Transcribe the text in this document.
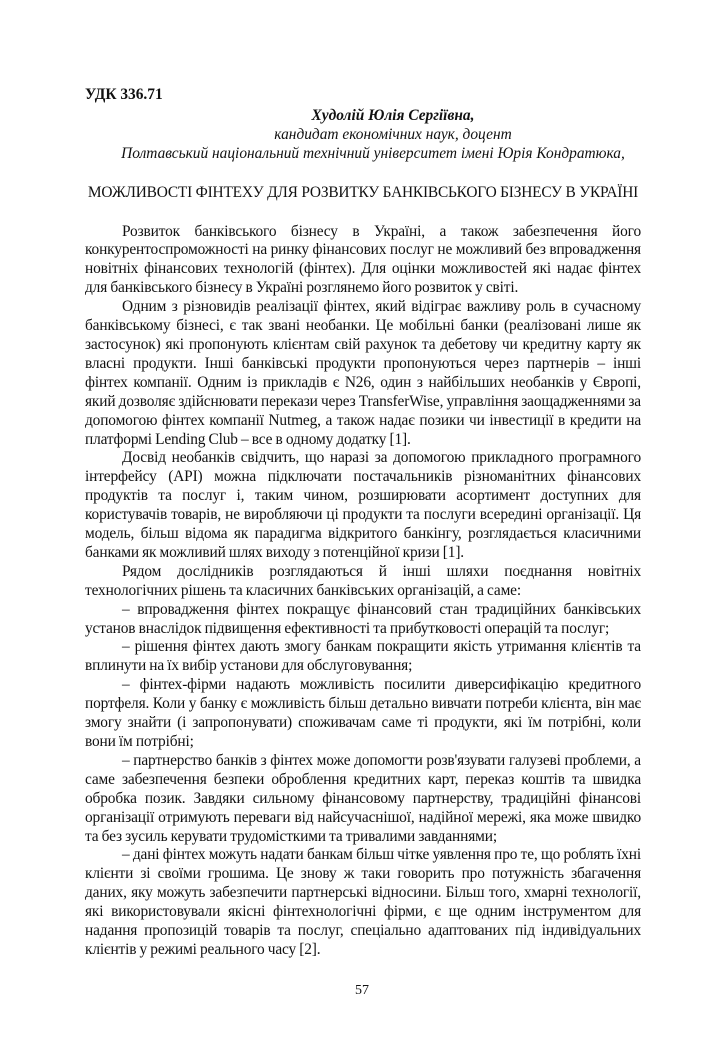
УДК 336.71

Худолій Юлія Сергіївна,

кандидат економічних наук, доцент

Полтавський національний технічний університет імені Юрія Кондратюка,

МОЖЛИВОСТІ ФІНТЕХУ ДЛЯ РОЗВИТКУ БАНКІВСЬКОГО БІЗНЕСУ В УКРАЇНІ

Розвиток банківського бізнесу в Україні, а також забезпечення його конкурентоспроможності на ринку фінансових послуг не можливий без впровадження новітніх фінансових технологій (фінтех). Для оцінки можливостей які надає фінтех для банківського бізнесу в Україні розглянемо його розвиток у світі.

Одним з різновидів реалізації фінтех, який відіграє важливу роль в сучасному банківському бізнесі, є так звані необанки. Це мобільні банки (реалізовані лише як застосунок) які пропонують клієнтам свій рахунок та дебетову чи кредитну карту як власні продукти. Інші банківські продукти пропонуються через партнерів – інші фінтех компанії. Одним із прикладів є N26, один з найбільших необанків у Європі, який дозволяє здійснювати перекази через TransferWise, управління заощадженнями за допомогою фінтех компанії Nutmeg, а також надає позики чи інвестиції в кредити на платформі Lending Club – все в одному додатку [1].

Досвід необанків свідчить, що наразі за допомогою прикладного програмного інтерфейсу (API) можна підключати постачальників різноманітних фінансових продуктів та послуг і, таким чином, розширювати асортимент доступних для користувачів товарів, не виробляючи ці продукти та послуги всередині організації. Ця модель, більш відома як парадигма відкритого банкінгу, розглядається класичними банками як можливий шлях виходу з потенційної кризи [1].

Рядом дослідників розглядаються й інші шляхи поєднання новітніх технологічних рішень та класичних банківських організацій, а саме:

– впровадження фінтех покращує фінансовий стан традиційних банківських установ внаслідок підвищення ефективності та прибутковості операцій та послуг;

– рішення фінтех дають змогу банкам покращити якість утримання клієнтів та вплинути на їх вибір установи для обслуговування;

– фінтех-фірми надають можливість посилити диверсифікацію кредитного портфеля. Коли у банку є можливість більш детально вивчати потреби клієнта, він має змогу знайти (і запропонувати) споживачам саме ті продукти, які їм потрібні, коли вони їм потрібні;

– партнерство банків з фінтех може допомогти розв'язувати галузеві проблеми, а саме забезпечення безпеки оброблення кредитних карт, переказ коштів та швидка обробка позик. Завдяки сильному фінансовому партнерству, традиційні фінансові організації отримують переваги від найсучаснішої, надійної мережі, яка може швидко та без зусиль керувати трудомісткими та тривалими завданнями;

– дані фінтех можуть надати банкам більш чітке уявлення про те, що роблять їхні клієнти зі своїми грошима. Це знову ж таки говорить про потужність збагачення даних, яку можуть забезпечити партнерські відносини. Більш того, хмарні технології, які використовували якісні фінтехнологічні фірми, є ще одним інструментом для надання пропозицій товарів та послуг, спеціально адаптованих під індивідуальних клієнтів у режимі реального часу [2].

57
